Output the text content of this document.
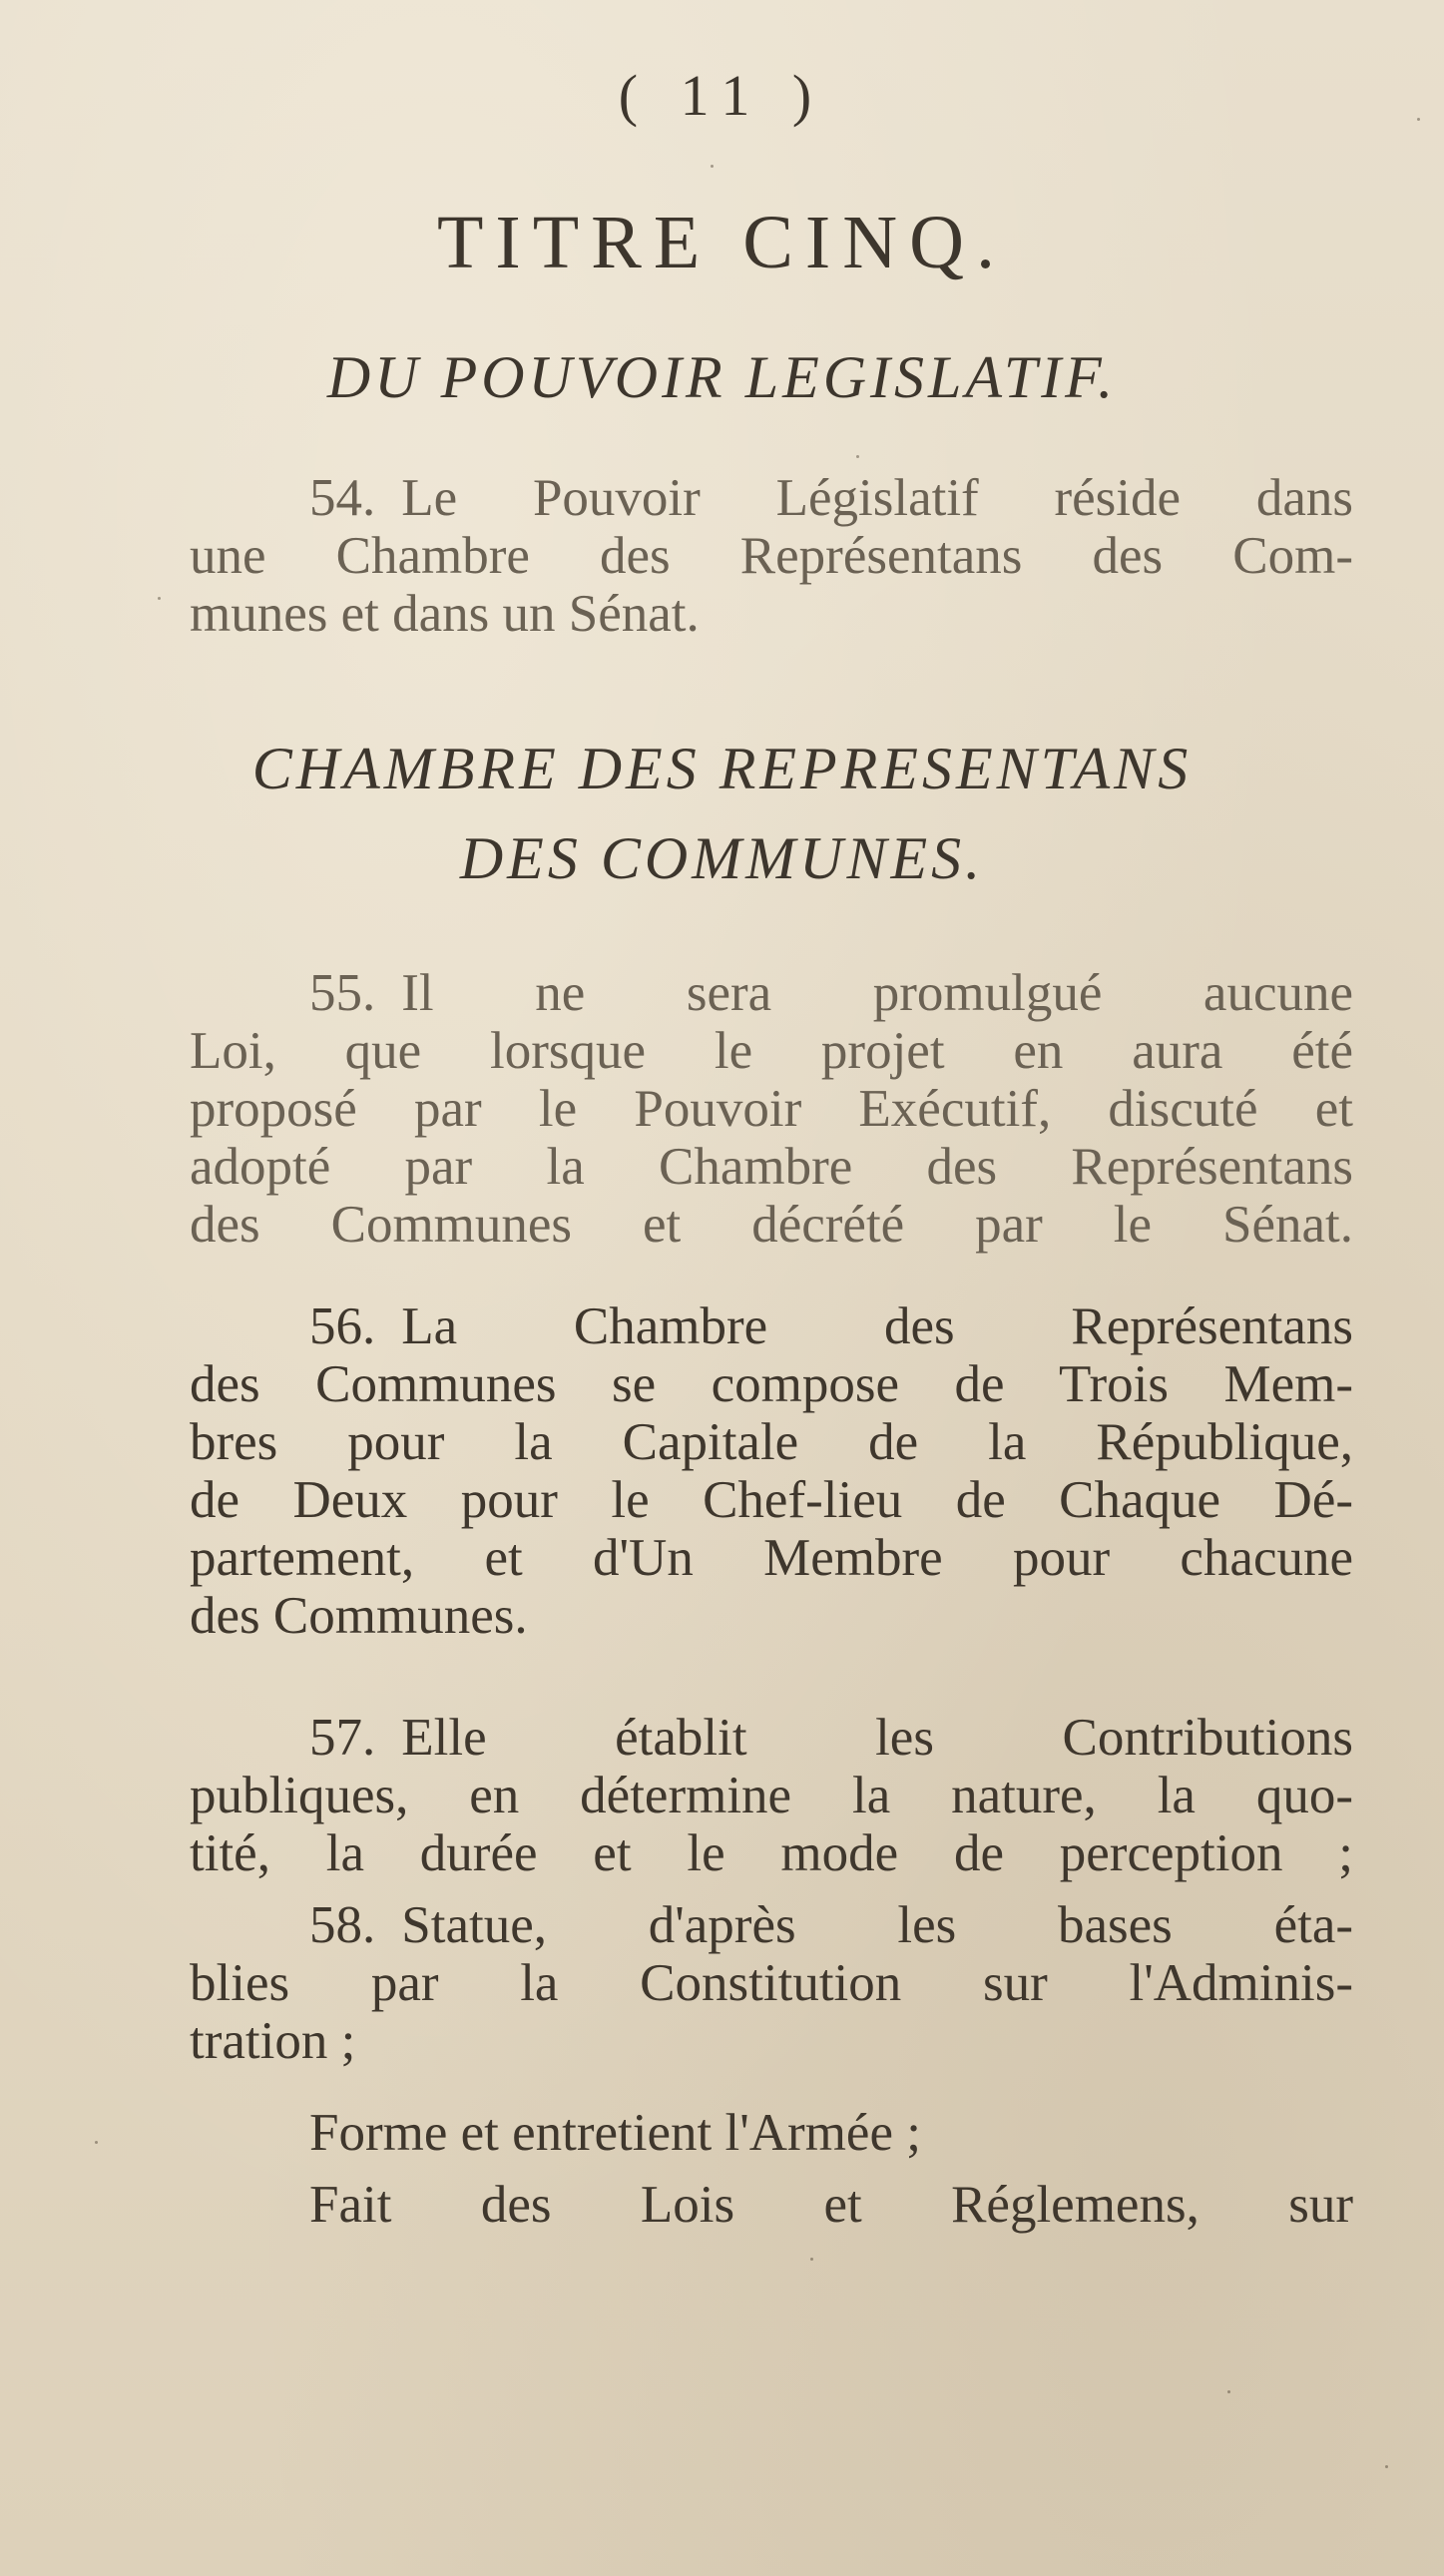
( 11 )
TITRE CINQ.
DU POUVOIR LEGISLATIF.
54. Le Pouvoir Législatif réside dans
une Chambre des Représentans des Com-
munes et dans un Sénat.
CHAMBRE DES REPRESENTANS
DES COMMUNES.
55. Il ne sera promulgué aucune
Loi, que lorsque le projet en aura été
proposé par le Pouvoir Exécutif, discuté et
adopté par la Chambre des Représentans
des Communes et décrété par le Sénat.
56. La Chambre des Représentans
des Communes se compose de Trois Mem-
bres pour la Capitale de la République,
de Deux pour le Chef-lieu de Chaque Dé-
partement, et d'Un Membre pour chacune
des Communes.
57. Elle établit les Contributions
publiques, en détermine la nature, la quo-
tité, la durée et le mode de perception ;
58. Statue, d'après les bases éta-
blies par la Constitution sur l'Adminis-
tration ;
Forme et entretient l'Armée ;
Fait des Lois et Réglemens, sur
